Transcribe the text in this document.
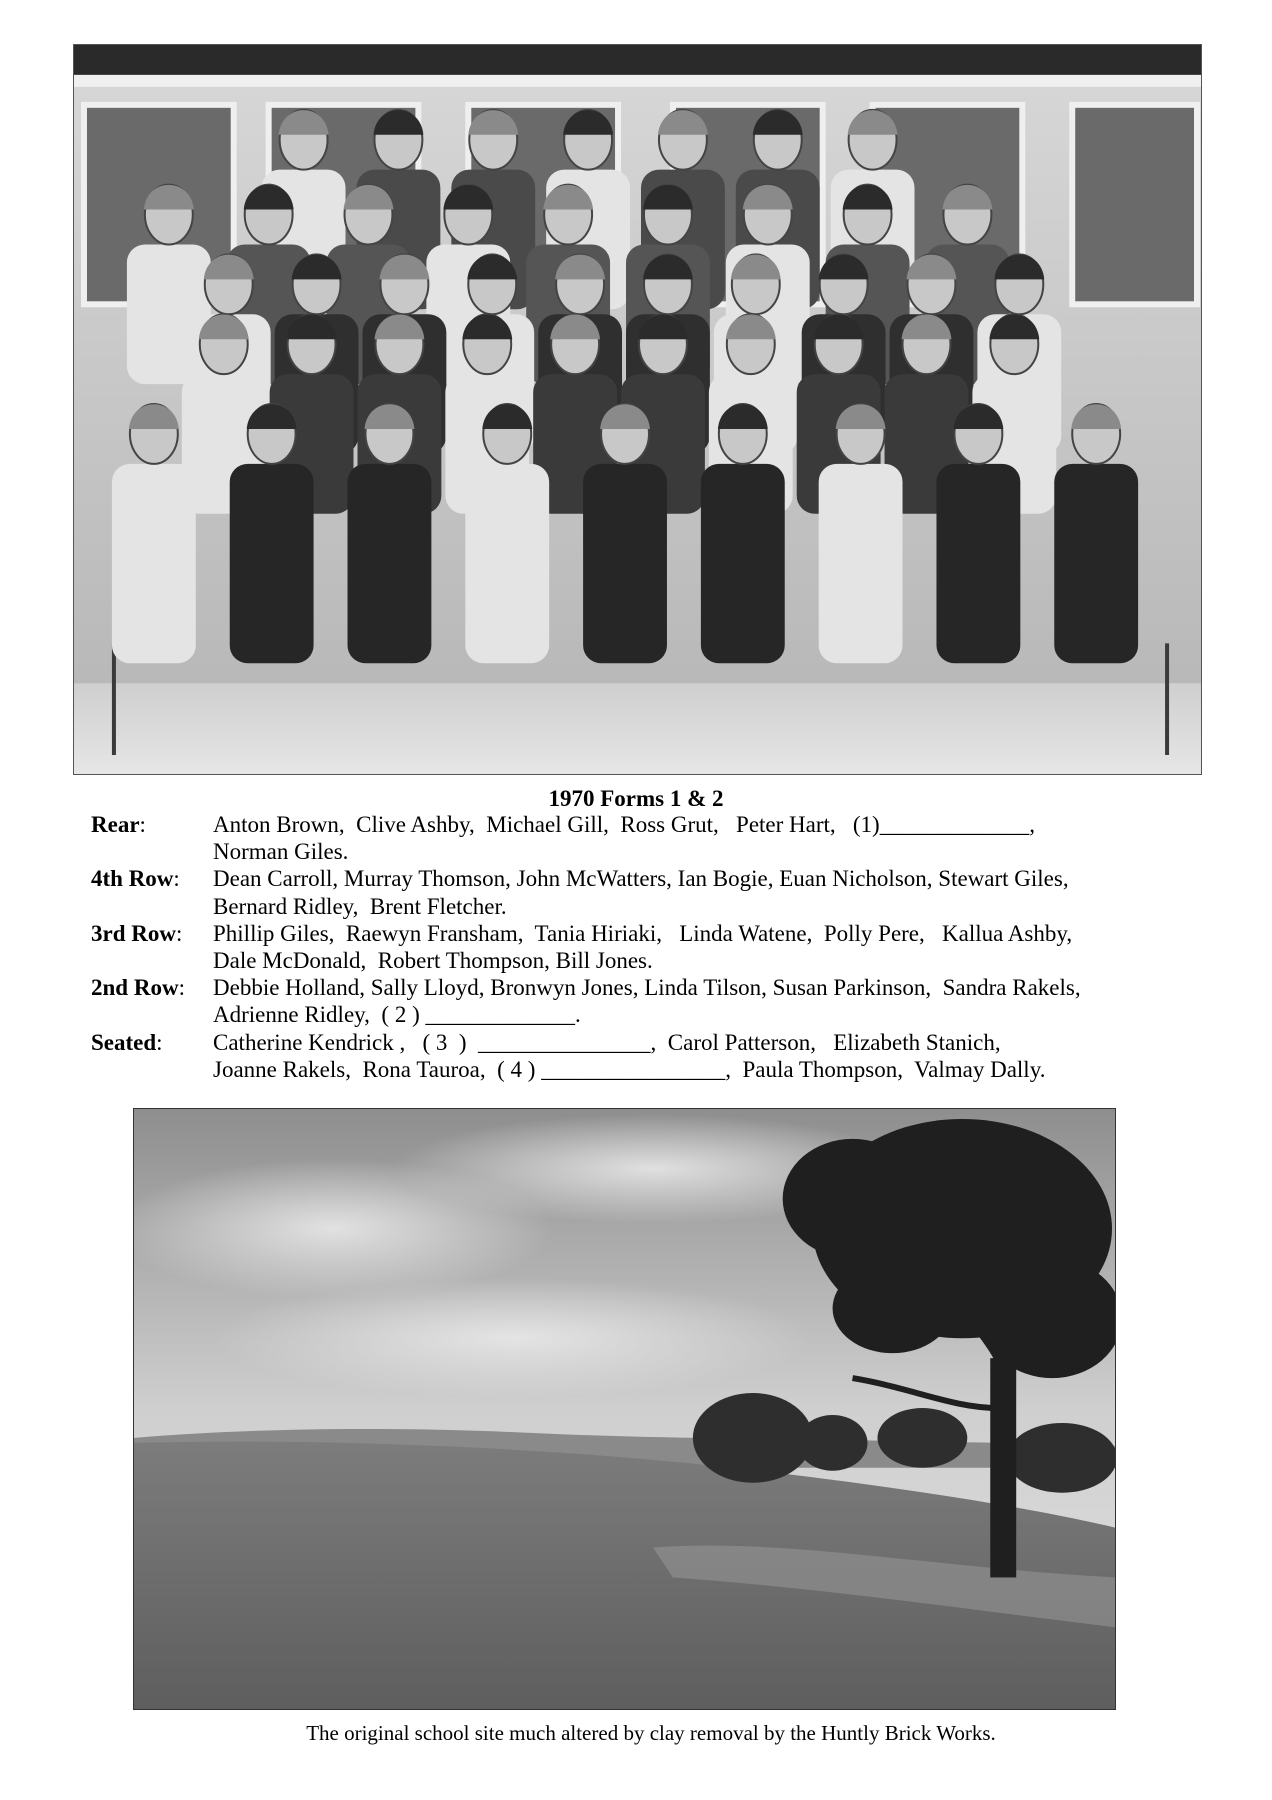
1970 Forms 1 & 2
Rear:	Anton Brown,  Clive Ashby,  Michael Gill,  Ross Grut,   Peter Hart,   (1)_____________,
Norman Giles.
4th Row:	Dean Carroll, Murray Thomson, John McWatters, Ian Bogie, Euan Nicholson, Stewart Giles,
Bernard Ridley,  Brent Fletcher.
3rd Row:	Phillip Giles,  Raewyn Fransham,  Tania Hiriaki,   Linda Watene,  Polly Pere,   Kallua Ashby,
Dale McDonald,  Robert Thompson, Bill Jones.
2nd Row:	Debbie Holland, Sally Lloyd, Bronwyn Jones, Linda Tilson, Susan Parkinson,  Sandra Rakels,
Adrienne Ridley,  ( 2 ) _____________.
Seated:	Catherine Kendrick ,   ( 3  )  _______________,  Carol Patterson,   Elizabeth Stanich,
Joanne Rakels,  Rona Tauroa,  ( 4 ) ________________,  Paula Thompson,  Valmay Dally.
The original school site much altered by clay removal by the Huntly Brick Works.
